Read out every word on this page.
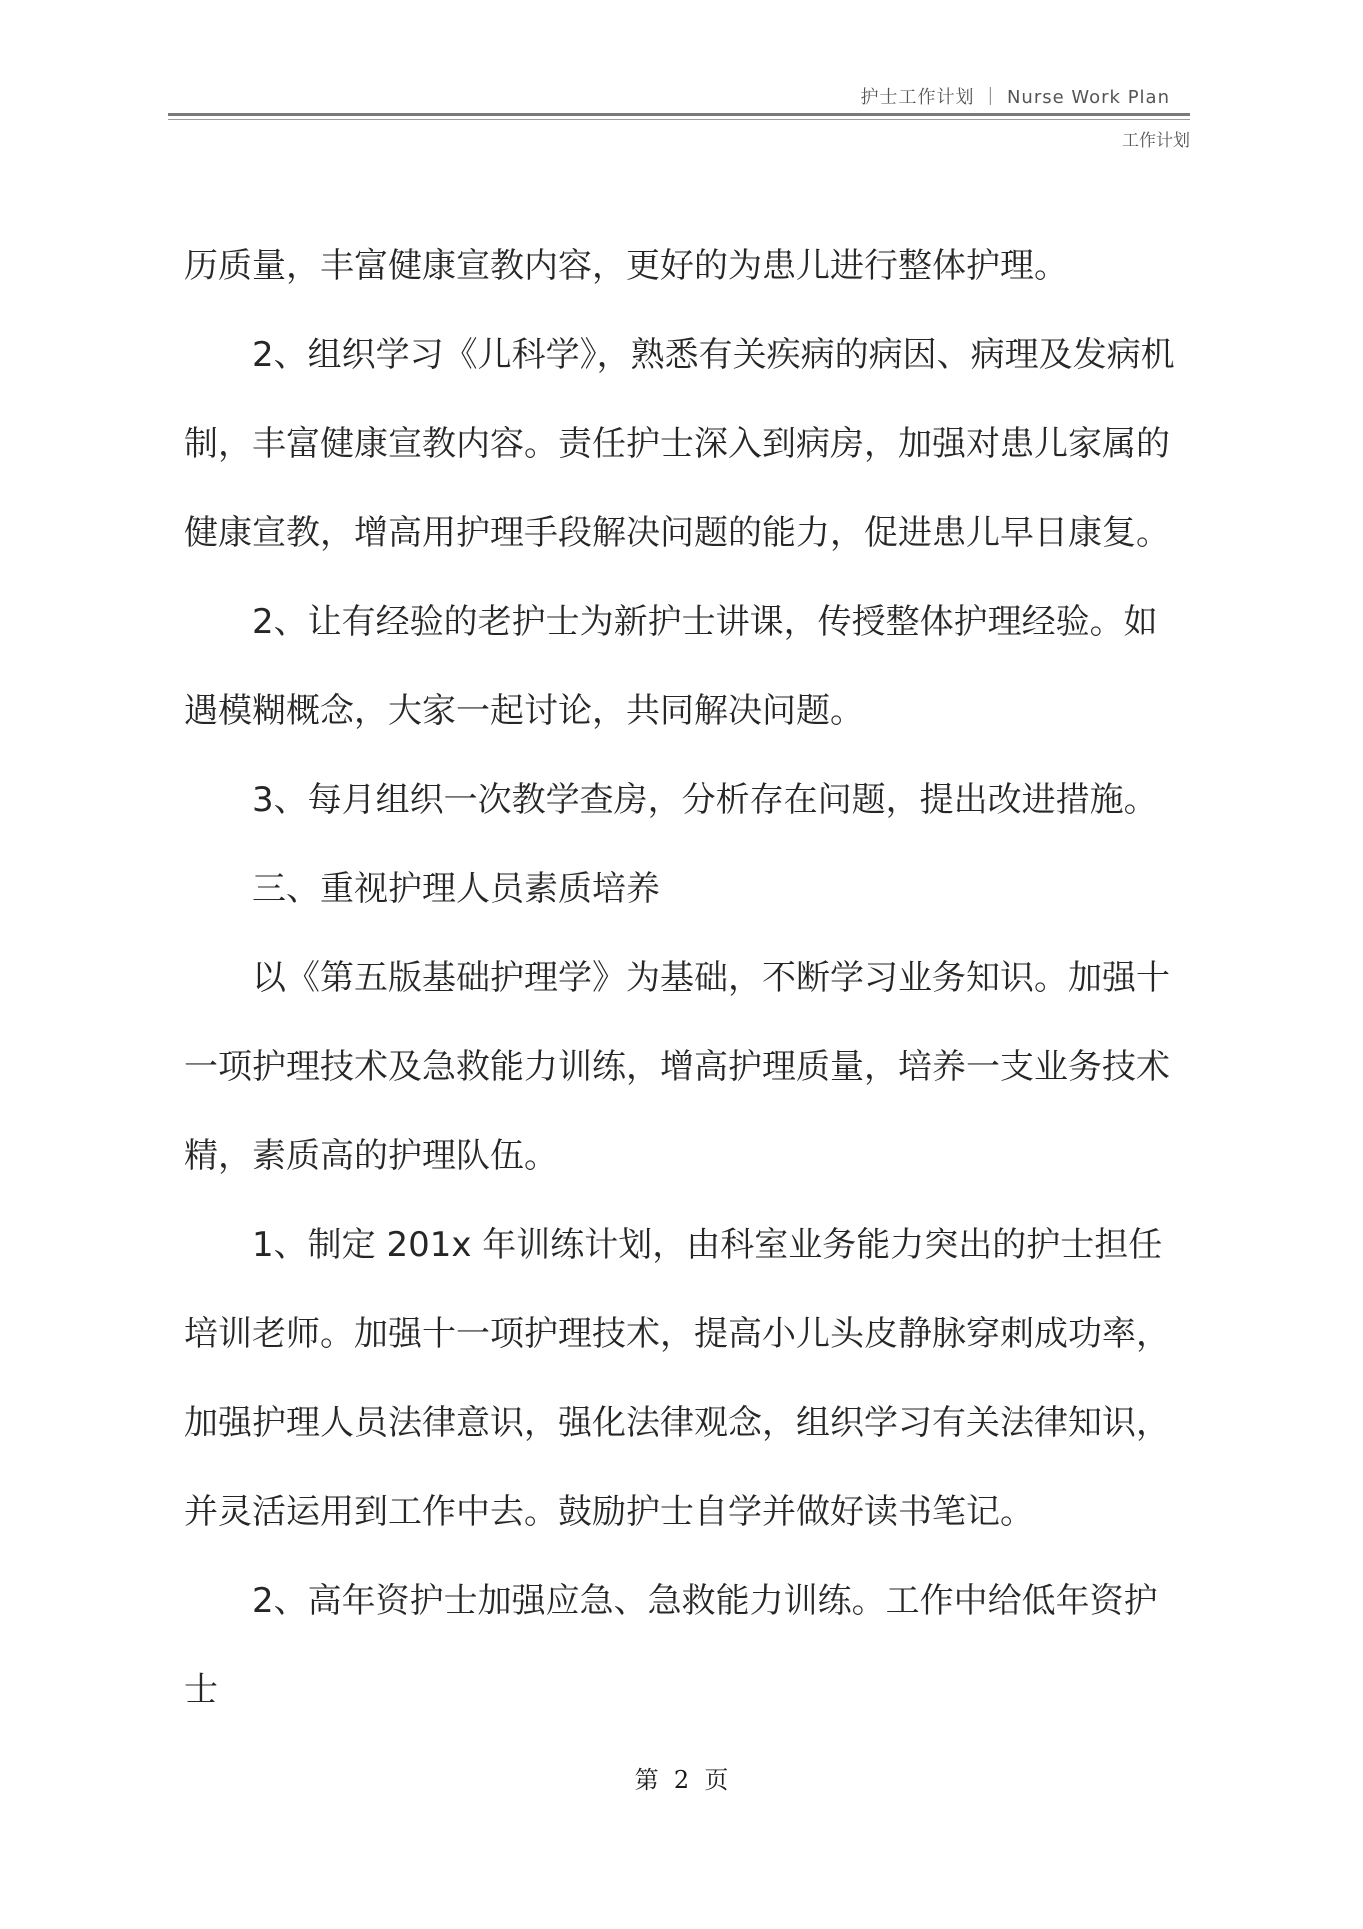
护士工作计划 ｜ Nurse Work Plan
工作计划

历质量，丰富健康宣教内容，更好的为患儿进行整体护理。

2、组织学习《儿科学》，熟悉有关疾病的病因、病理及发病机制，丰富健康宣教内容。责任护士深入到病房，加强对患儿家属的健康宣教，增高用护理手段解决问题的能力，促进患儿早日康复。

2、让有经验的老护士为新护士讲课，传授整体护理经验。如遇模糊概念，大家一起讨论，共同解决问题。

3、每月组织一次教学查房，分析存在问题，提出改进措施。

三、重视护理人员素质培养

以《第五版基础护理学》为基础，不断学习业务知识。加强十一项护理技术及急救能力训练，增高护理质量，培养一支业务技术精，素质高的护理队伍。

1、制定 201x 年训练计划，由科室业务能力突出的护士担任培训老师。加强十一项护理技术，提高小儿头皮静脉穿刺成功率，加强护理人员法律意识，强化法律观念，组织学习有关法律知识，并灵活运用到工作中去。鼓励护士自学并做好读书笔记。

2、高年资护士加强应急、急救能力训练。工作中给低年资护士

第  2  页
